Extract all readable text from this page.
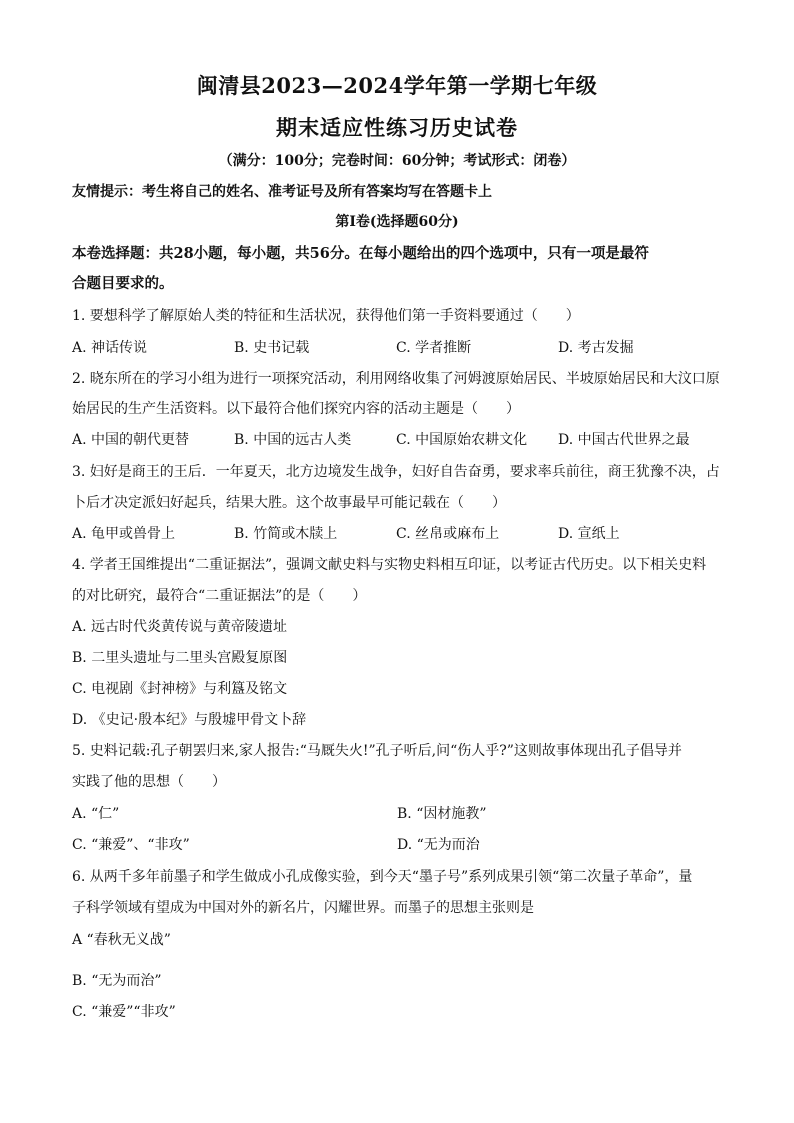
闽清县2023—2024学年第一学期七年级
期末适应性练习历史试卷
（满分：100分；完卷时间：60分钟；考试形式：闭卷）
友情提示：考生将自己的姓名、准考证号及所有答案均写在答题卡上
第Ⅰ卷(选择题60分)
本卷选择题：共28小题，每小题，共56分。在每小题给出的四个选项中，只有一项是最符
合题目要求的。
1. 要想科学了解原始人类的特征和生活状况，获得他们第一手资料要通过（　　）
A. 神话传说	B. 史书记载	C. 学者推断	D. 考古发掘
2. 晓东所在的学习小组为进行一项探究活动，利用网络收集了河姆渡原始居民、半坡原始居民和大汶口原
始居民的生产生活资料。以下最符合他们探究内容的活动主题是（　　）
A. 中国的朝代更替	B. 中国的远古人类	C. 中国原始农耕文化 D. 中国古代世界之最
3. 妇好是商王的王后．一年夏天，北方边境发生战争，妇好自告奋勇，要求率兵前往，商王犹豫不决，占
卜后才决定派妇好起兵，结果大胜。这个故事最早可能记载在（　　）
A. 龟甲或兽骨上	B. 竹简或木牍上	C. 丝帛或麻布上	D. 宣纸上
4. 学者王国维提出“二重证据法”，强调文献史料与实物史料相互印证，以考证古代历史。以下相关史料
的对比研究，最符合“二重证据法”的是（　　）
A. 远古时代炎黄传说与黄帝陵遗址
B. 二里头遗址与二里头宫殿复原图
C. 电视剧《封神榜》与利簋及铭文
D. 《史记·殷本纪》与殷墟甲骨文卜辞
5. 史料记载:孔子朝罢归来,家人报告:“马厩失火!”孔子听后,问“伤人乎?”这则故事体现出孔子倡导并
实践了他的思想（　　）
A. “仁”	B. “因材施教”
C. “兼爱”、“非攻”	D. “无为而治
6. 从两千多年前墨子和学生做成小孔成像实验，到今天“墨子号”系列成果引领“第二次量子革命”，量
子科学领域有望成为中国对外的新名片，闪耀世界。而墨子的思想主张则是
A “春秋无义战”
B. “无为而治”
C. “兼爱”“非攻”
